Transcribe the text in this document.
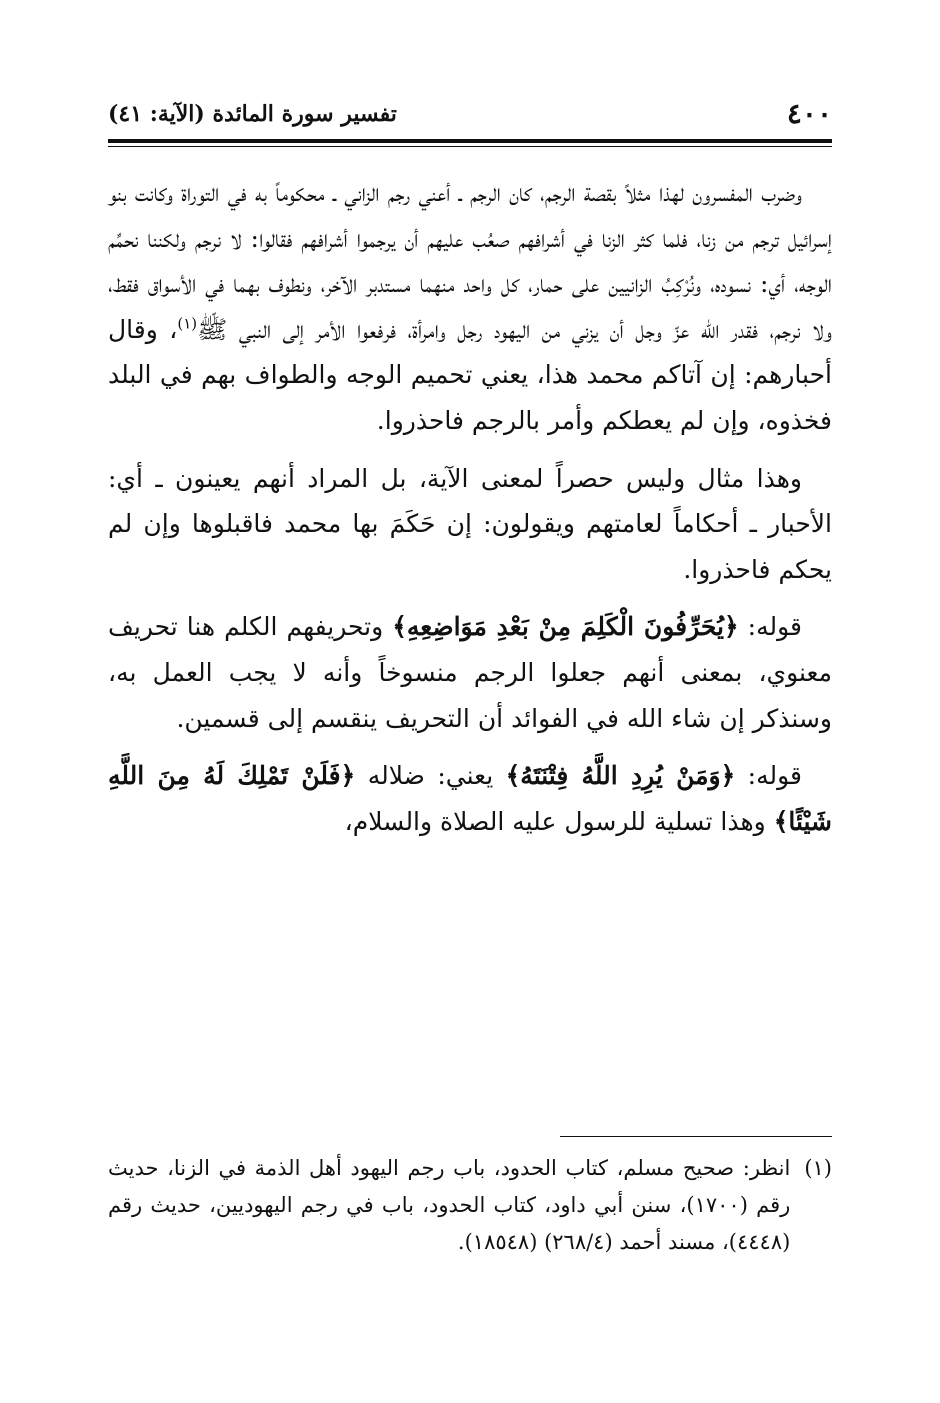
٤٠٠
تفسير سورة المائدة (الآية: ٤١)

وضرب المفسرون لهذا مثلاً بقصة الرجم، كان الرجم ـ أعني رجم الزاني ـ محكوماً به في التوراة وكانت بنو إسرائيل ترجم من زنا، فلما كثر الزنا في أشرافهم صعُب عليهم أن يرجموا أشرافهم فقالوا: لا نرجم ولكننا نحمِّم الوجه، أي: نسوده، ونُرْكِبُ الزانيين على حمار، كل واحد منهما مستدبر الآخر، ونطوف بهما في الأسواق فقط، ولا نرجم، فقدر الله عزّ وجل أن يزني من اليهود رجل وامرأة، فرفعوا الأمر إلى النبي ﷺ$^{(١)}$، وقال أحبارهم: إن آتاكم محمد هذا، يعني تحميم الوجه والطواف بهم في البلد فخذوه، وإن لم يعطكم وأمر بالرجم فاحذروا.

وهذا مثال وليس حصراً لمعنى الآية، بل المراد أنهم يعينون ـ أي: الأحبار ـ أحكاماً لعامتهم ويقولون: إن حَكَمَ بها محمد فاقبلوها وإن لم يحكم فاحذروا.

قوله: ﴿يُحَرِّفُونَ الْكَلِمَ مِنْ بَعْدِ مَوَاضِعِهِ﴾ وتحريفهم الكلم هنا تحريف معنوي، بمعنى أنهم جعلوا الرجم منسوخاً وأنه لا يجب العمل به، وسنذكر إن شاء الله في الفوائد أن التحريف ينقسم إلى قسمين.

قوله: ﴿وَمَنْ يُرِدِ اللَّهُ فِتْنَتَهُ﴾ يعني: ضلاله ﴿فَلَنْ تَمْلِكَ لَهُ مِنَ اللَّهِ شَيْئًا﴾ وهذا تسلية للرسول عليه الصلاة والسلام،

(١)
انظر: صحيح مسلم، كتاب الحدود، باب رجم اليهود أهل الذمة في الزنا، حديث رقم (١٧٠٠)، سنن أبي داود، كتاب الحدود، باب في رجم اليهوديين، حديث رقم (٤٤٤٨)، مسند أحمد (٢٦٨/٤) (١٨٥٤٨).
